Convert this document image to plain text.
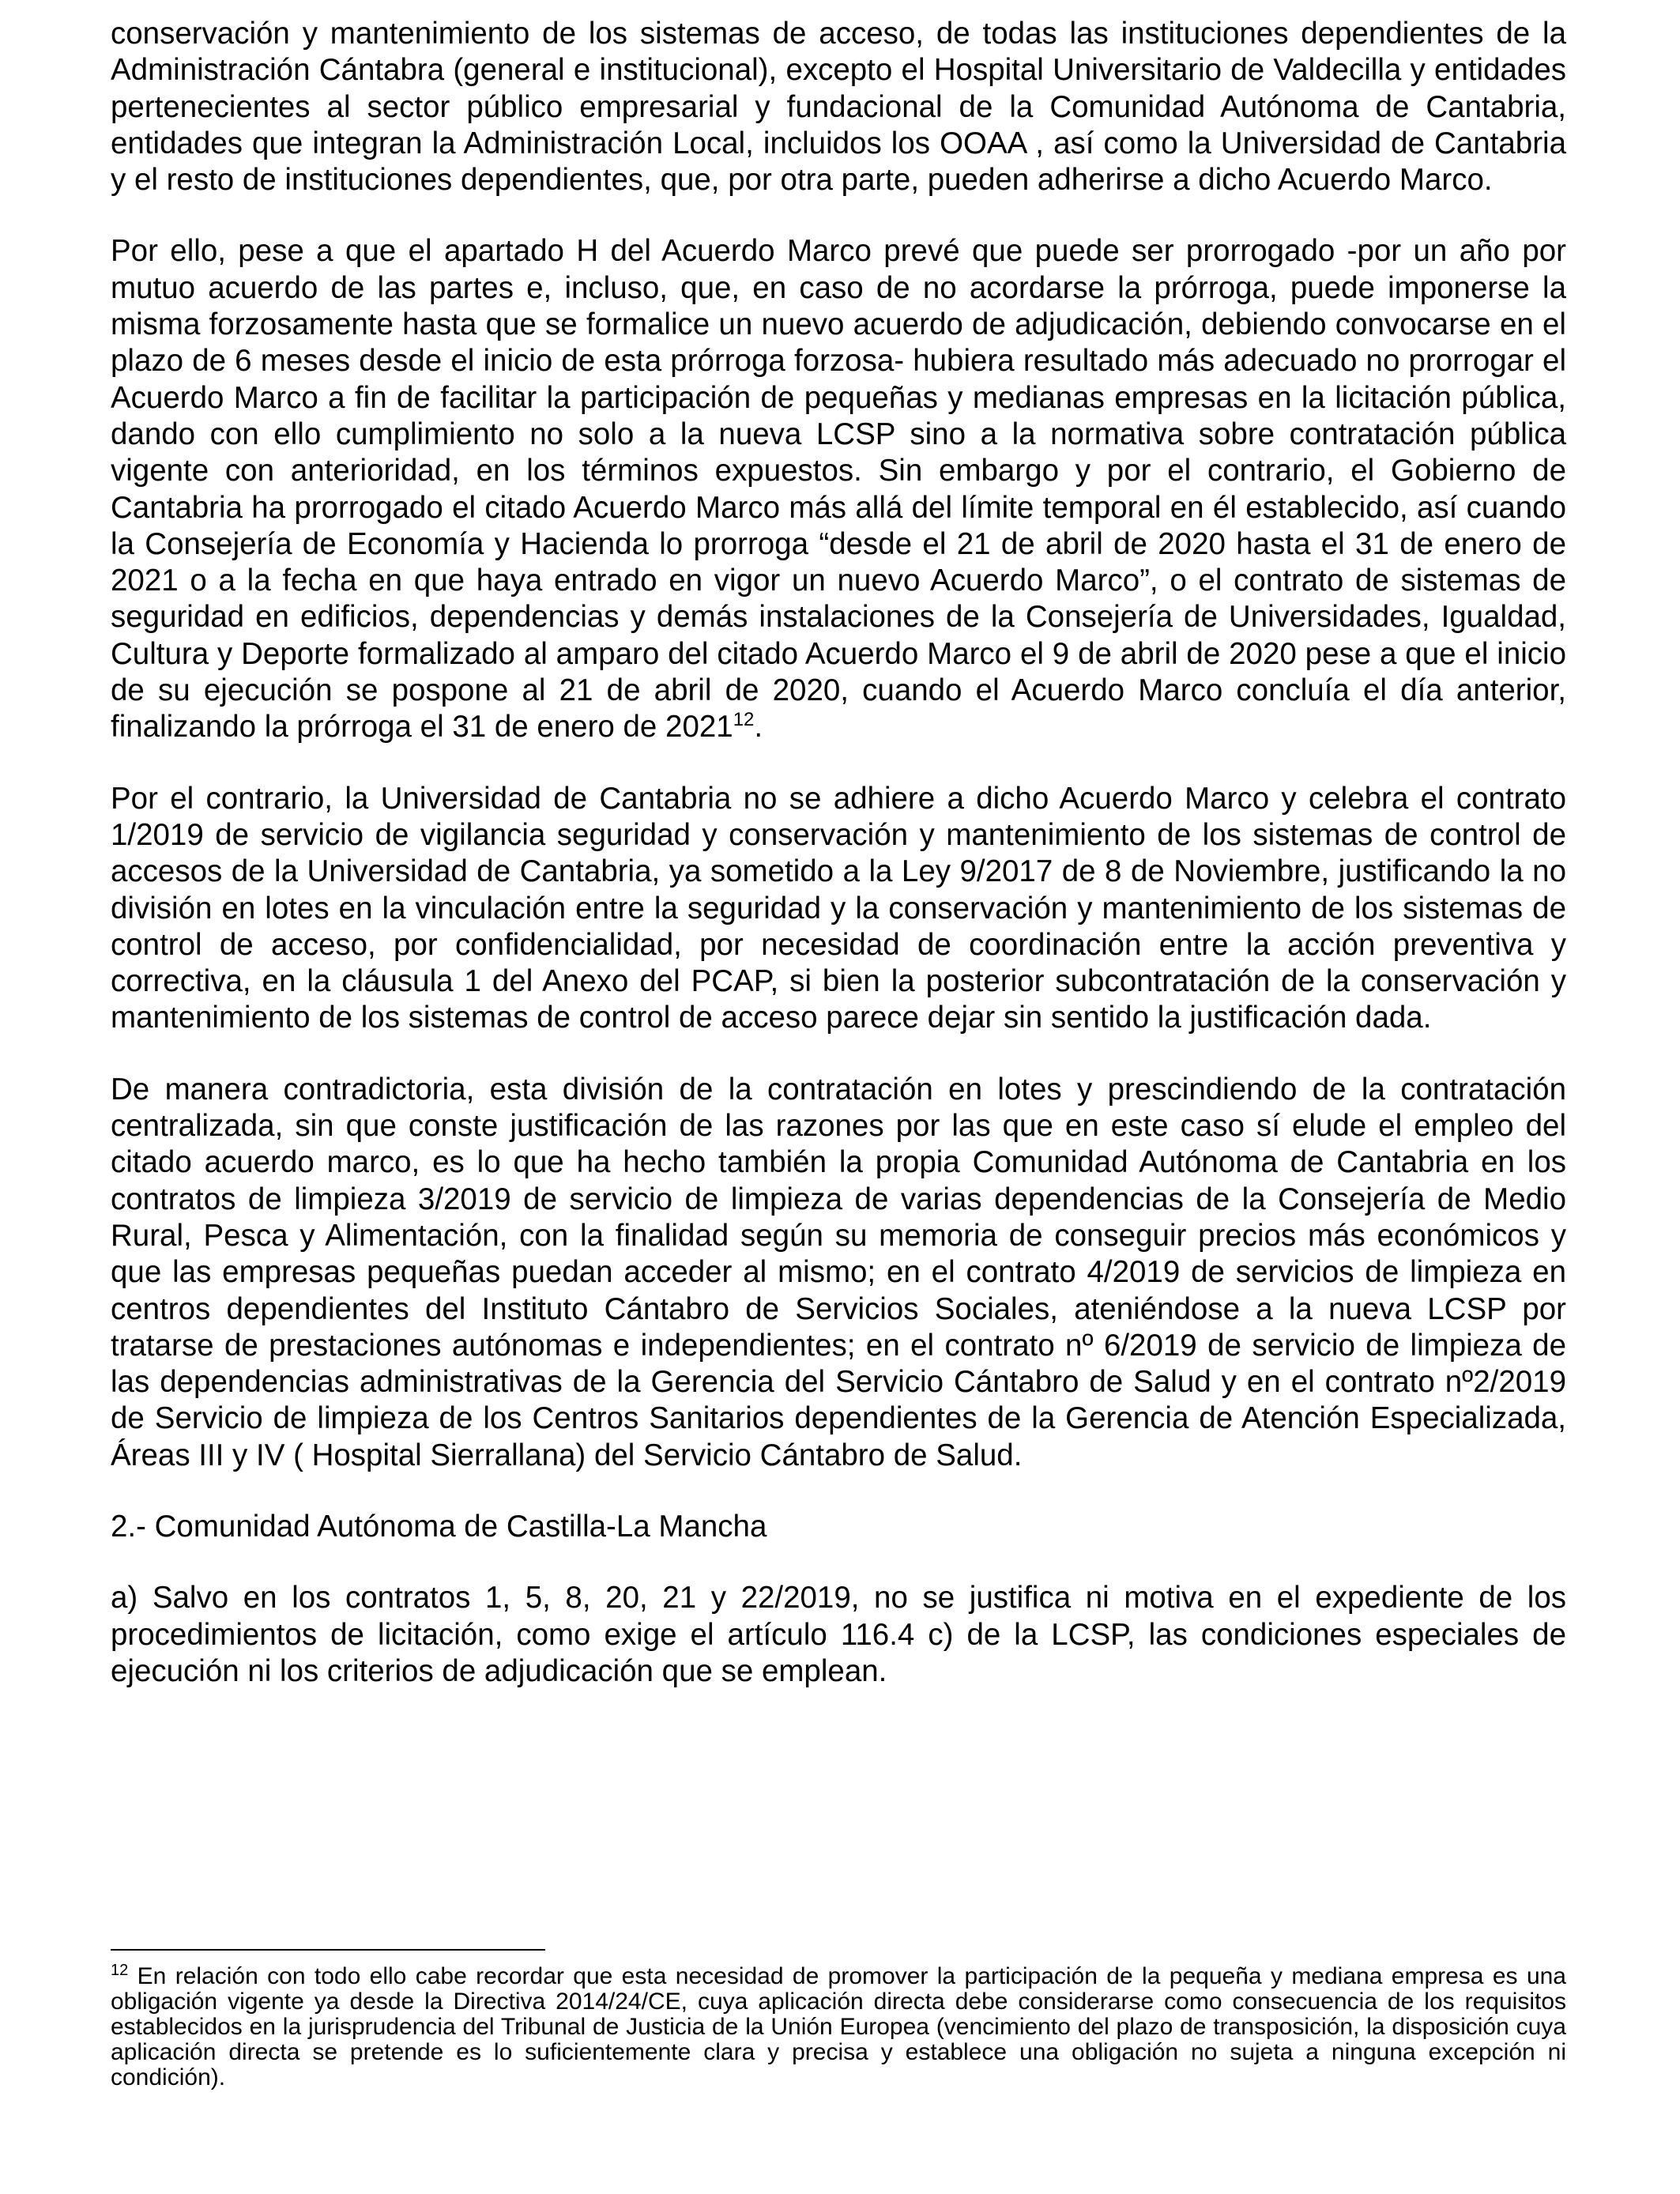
conservación y mantenimiento de los sistemas de acceso, de todas las instituciones dependientes de la Administración Cántabra (general e institucional), excepto el Hospital Universitario de Valdecilla y entidades pertenecientes al sector público empresarial y fundacional de la Comunidad Autónoma de Cantabria, entidades que integran la Administración Local, incluidos los OOAA , así como la Universidad de Cantabria y el resto de instituciones dependientes, que, por otra parte, pueden adherirse a dicho Acuerdo Marco.

Por ello, pese a que el apartado H del Acuerdo Marco prevé que puede ser prorrogado -por un año por mutuo acuerdo de las partes e, incluso, que, en caso de no acordarse la prórroga, puede imponerse la misma forzosamente hasta que se formalice un nuevo acuerdo de adjudicación, debiendo convocarse en el plazo de 6 meses desde el inicio de esta prórroga forzosa- hubiera resultado más adecuado no prorrogar el Acuerdo Marco a fin de facilitar la participación de pequeñas y medianas empresas en la licitación pública, dando con ello cumplimiento no solo a la nueva LCSP sino a la normativa sobre contratación pública vigente con anterioridad, en los términos expuestos. Sin embargo y por el contrario, el Gobierno de Cantabria ha prorrogado el citado Acuerdo Marco más allá del límite temporal en él establecido, así cuando la Consejería de Economía y Hacienda lo prorroga “desde el 21 de abril de 2020 hasta el 31 de enero de 2021 o a la fecha en que haya entrado en vigor un nuevo Acuerdo Marco”, o el contrato de sistemas de seguridad en edificios, dependencias y demás instalaciones de la Consejería de Universidades, Igualdad, Cultura y Deporte formalizado al amparo del citado Acuerdo Marco el 9 de abril de 2020 pese a que el inicio de su ejecución se pospone al 21 de abril de 2020, cuando el Acuerdo Marco concluía el día anterior, finalizando la prórroga el 31 de enero de 2021$^{12}$.

Por el contrario, la Universidad de Cantabria no se adhiere a dicho Acuerdo Marco y celebra el contrato 1/2019 de servicio de vigilancia seguridad y conservación y mantenimiento de los sistemas de control de accesos de la Universidad de Cantabria, ya sometido a la Ley 9/2017 de 8 de Noviembre, justificando la no división en lotes en la vinculación entre la seguridad y la conservación y mantenimiento de los sistemas de control de acceso, por confidencialidad, por necesidad de coordinación entre la acción preventiva y correctiva, en la cláusula 1 del Anexo del PCAP, si bien la posterior subcontratación de la conservación y mantenimiento de los sistemas de control de acceso parece dejar sin sentido la justificación dada.

De manera contradictoria, esta división de la contratación en lotes y prescindiendo de la contratación centralizada, sin que conste justificación de las razones por las que en este caso sí elude el empleo del citado acuerdo marco, es lo que ha hecho también la propia Comunidad Autónoma de Cantabria en los contratos de limpieza 3/2019 de servicio de limpieza de varias dependencias de la Consejería de Medio Rural, Pesca y Alimentación, con la finalidad según su memoria de conseguir precios más económicos y que las empresas pequeñas puedan acceder al mismo; en el contrato 4/2019 de servicios de limpieza en centros dependientes del Instituto Cántabro de Servicios Sociales, ateniéndose a la nueva LCSP por tratarse de prestaciones autónomas e independientes; en el contrato nº 6/2019 de servicio de limpieza de las dependencias administrativas de la Gerencia del Servicio Cántabro de Salud y en el contrato nº2/2019 de Servicio de limpieza de los Centros Sanitarios dependientes de la Gerencia de Atención Especializada, Áreas III y IV ( Hospital Sierrallana) del Servicio Cántabro de Salud.

2.- Comunidad Autónoma de Castilla-La Mancha

a) Salvo en los contratos 1, 5, 8, 20, 21 y 22/2019, no se justifica ni motiva en el expediente de los procedimientos de licitación, como exige el artículo 116.4 c) de la LCSP, las condiciones especiales de ejecución ni los criterios de adjudicación que se emplean.

$^{12}$ En relación con todo ello cabe recordar que esta necesidad de promover la participación de la pequeña y mediana empresa es una obligación vigente ya desde la Directiva 2014/24/CE, cuya aplicación directa debe considerarse como consecuencia de los requisitos establecidos en la jurisprudencia del Tribunal de Justicia de la Unión Europea (vencimiento del plazo de transposición, la disposición cuya aplicación directa se pretende es lo suficientemente clara y precisa y establece una obligación no sujeta a ninguna excepción ni condición).
